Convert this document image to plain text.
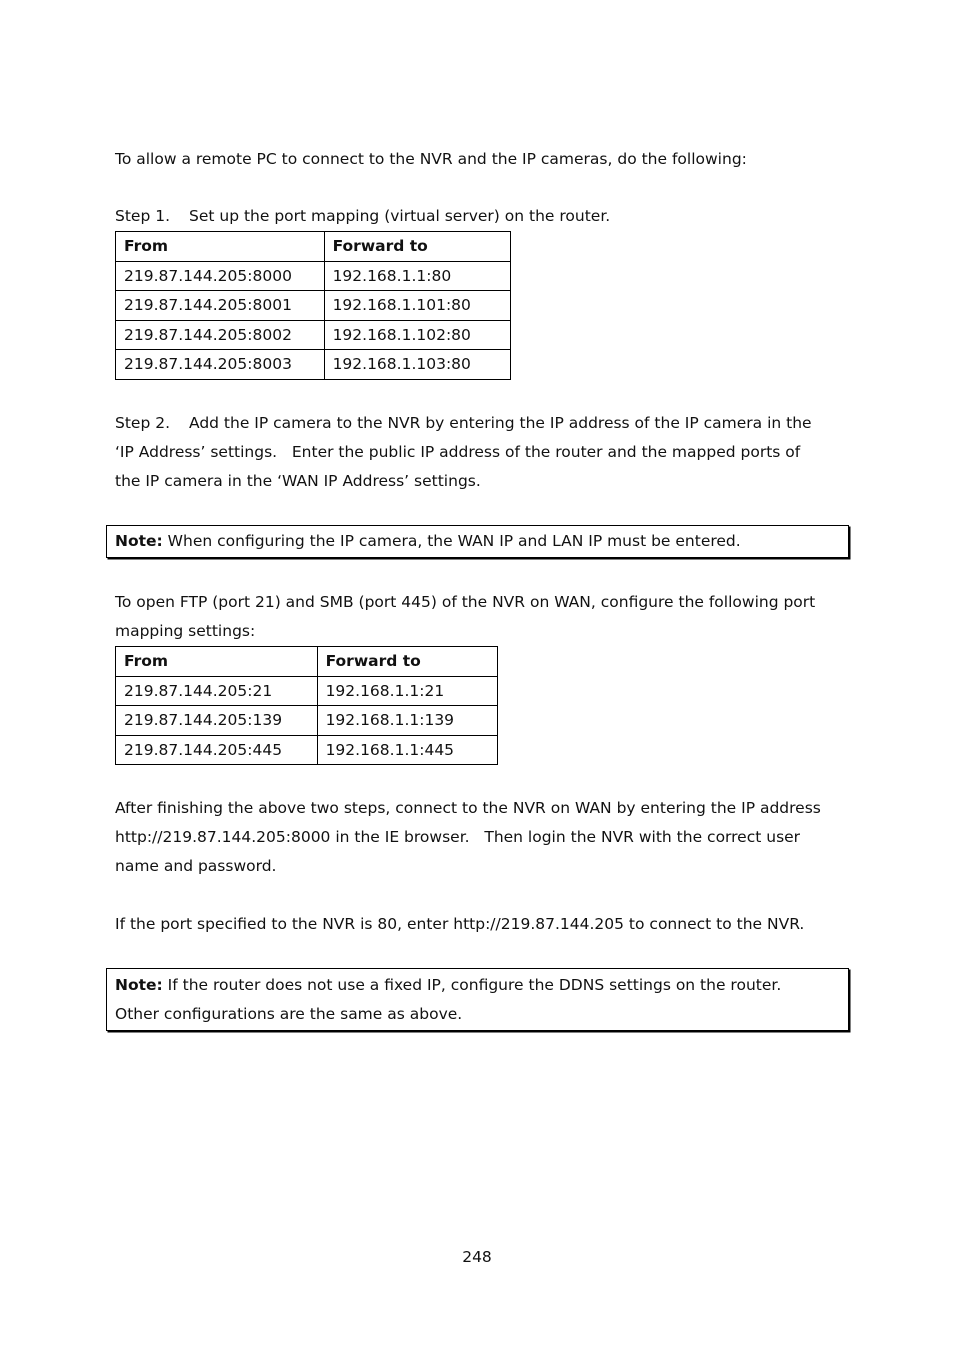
To allow a remote PC to connect to the NVR and the IP cameras, do the following:

Step 1. Set up the port mapping (virtual server) on the router.

From	Forward to
219.87.144.205:8000	192.168.1.1:80
219.87.144.205:8001	192.168.1.101:80
219.87.144.205:8002	192.168.1.102:80
219.87.144.205:8003	192.168.1.103:80
Step 2. Add the IP camera to the NVR by entering the IP address of the IP camera in the
‘IP Address’ settings.   Enter the public IP address of the router and the mapped ports of
the IP camera in the ‘WAN IP Address’ settings.
Note: When configuring the IP camera, the WAN IP and LAN IP must be entered.
To open FTP (port 21) and SMB (port 445) of the NVR on WAN, configure the following port
mapping settings:
From	Forward to
219.87.144.205:21	192.168.1.1:21
219.87.144.205:139	192.168.1.1:139
219.87.144.205:445	192.168.1.1:445
After finishing the above two steps, connect to the NVR on WAN by entering the IP address
http://219.87.144.205:8000 in the IE browser.   Then login the NVR with the correct user
name and password.

If the port specified to the NVR is 80, enter http://219.87.144.205 to connect to the NVR.

Note: If the router does not use a fixed IP, configure the DDNS settings on the router.
Other configurations are the same as above.
248
